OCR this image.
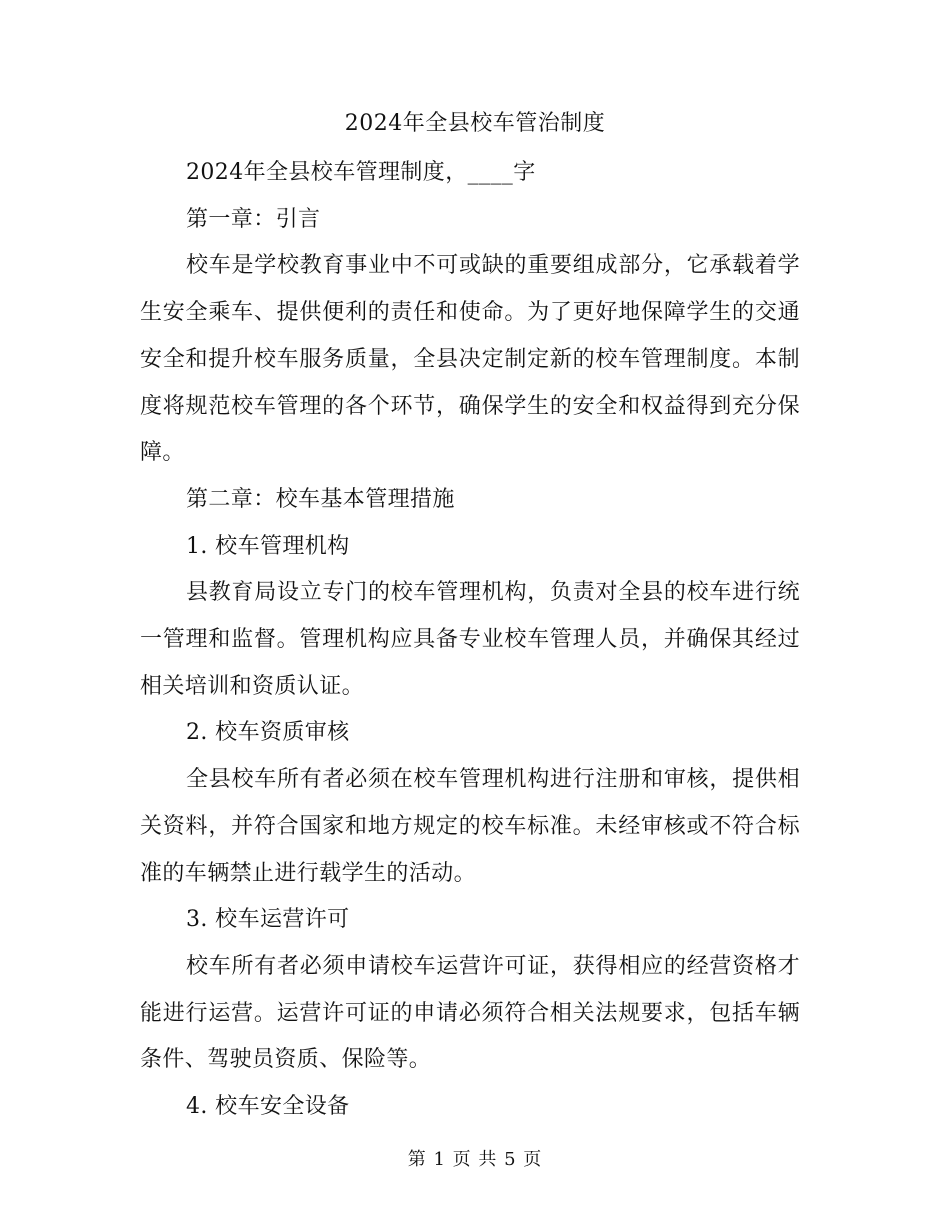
2024年全县校车管治制度

2024年全县校车管理制度，____字

第一章：引言

校车是学校教育事业中不可或缺的重要组成部分，它承载着学生安全乘车、提供便利的责任和使命。为了更好地保障学生的交通安全和提升校车服务质量，全县决定制定新的校车管理制度。本制度将规范校车管理的各个环节，确保学生的安全和权益得到充分保障。

第二章：校车基本管理措施

1. 校车管理机构

县教育局设立专门的校车管理机构，负责对全县的校车进行统一管理和监督。管理机构应具备专业校车管理人员，并确保其经过相关培训和资质认证。

2. 校车资质审核

全县校车所有者必须在校车管理机构进行注册和审核，提供相关资料，并符合国家和地方规定的校车标准。未经审核或不符合标准的车辆禁止进行载学生的活动。

3. 校车运营许可

校车所有者必须申请校车运营许可证，获得相应的经营资格才能进行运营。运营许可证的申请必须符合相关法规要求，包括车辆条件、驾驶员资质、保险等。

4. 校车安全设备

第 1 页 共 5 页
